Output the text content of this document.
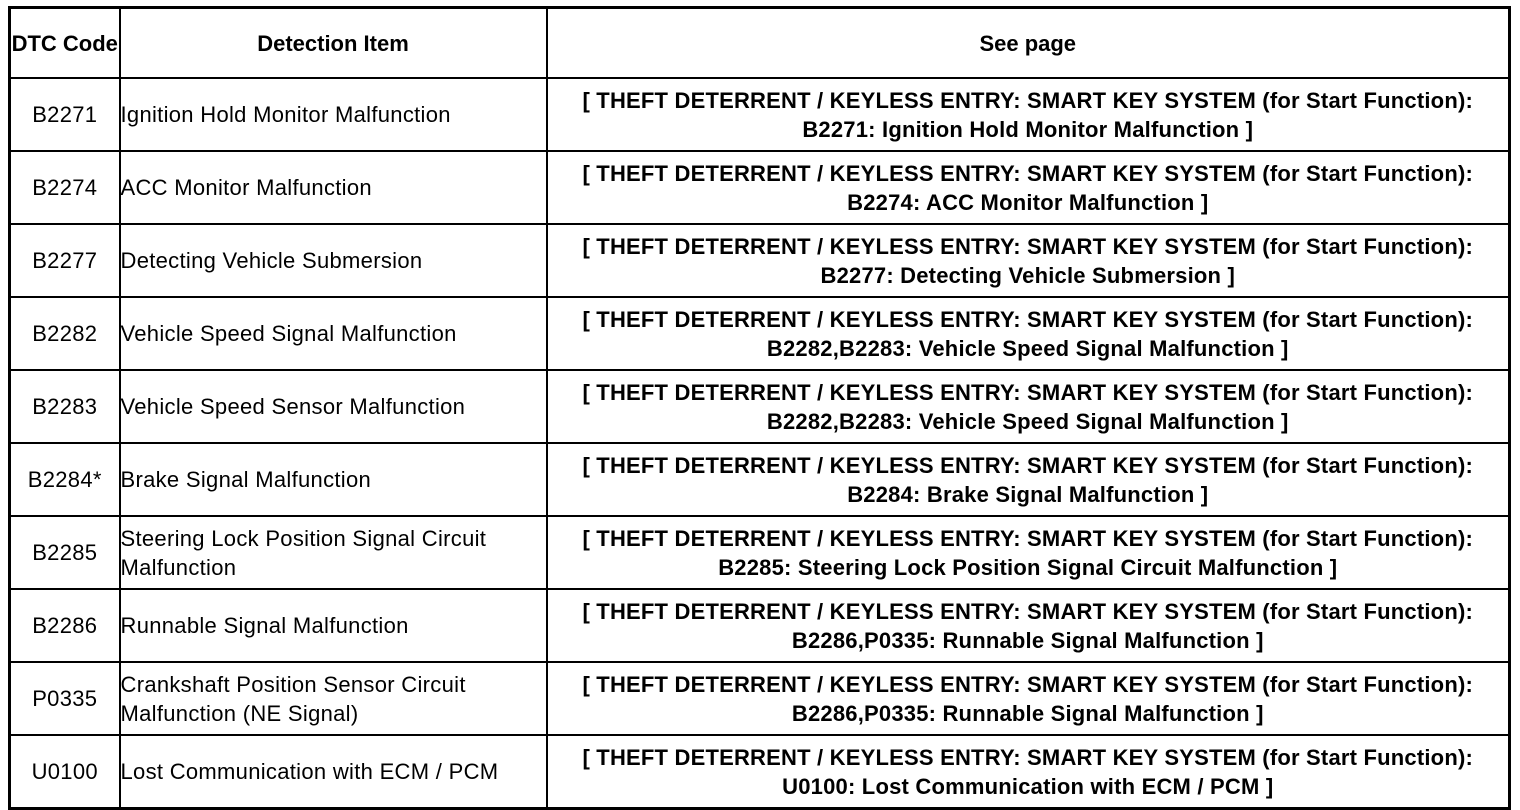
DTC Code	Detection Item	See page
B2271	Ignition Hold Monitor Malfunction	[ THEFT DETERRENT / KEYLESS ENTRY: SMART KEY SYSTEM (for Start Function): B2271: Ignition Hold Monitor Malfunction ]
B2274	ACC Monitor Malfunction	[ THEFT DETERRENT / KEYLESS ENTRY: SMART KEY SYSTEM (for Start Function): B2274: ACC Monitor Malfunction ]
B2277	Detecting Vehicle Submersion	[ THEFT DETERRENT / KEYLESS ENTRY: SMART KEY SYSTEM (for Start Function): B2277: Detecting Vehicle Submersion ]
B2282	Vehicle Speed Signal Malfunction	[ THEFT DETERRENT / KEYLESS ENTRY: SMART KEY SYSTEM (for Start Function): B2282,B2283: Vehicle Speed Signal Malfunction ]
B2283	Vehicle Speed Sensor Malfunction	[ THEFT DETERRENT / KEYLESS ENTRY: SMART KEY SYSTEM (for Start Function): B2282,B2283: Vehicle Speed Signal Malfunction ]
B2284*	Brake Signal Malfunction	[ THEFT DETERRENT / KEYLESS ENTRY: SMART KEY SYSTEM (for Start Function): B2284: Brake Signal Malfunction ]
B2285	Steering Lock Position Signal Circuit Malfunction	[ THEFT DETERRENT / KEYLESS ENTRY: SMART KEY SYSTEM (for Start Function): B2285: Steering Lock Position Signal Circuit Malfunction ]
B2286	Runnable Signal Malfunction	[ THEFT DETERRENT / KEYLESS ENTRY: SMART KEY SYSTEM (for Start Function): B2286,P0335: Runnable Signal Malfunction ]
P0335	Crankshaft Position Sensor Circuit Malfunction (NE Signal)	[ THEFT DETERRENT / KEYLESS ENTRY: SMART KEY SYSTEM (for Start Function): B2286,P0335: Runnable Signal Malfunction ]
U0100	Lost Communication with ECM / PCM	[ THEFT DETERRENT / KEYLESS ENTRY: SMART KEY SYSTEM (for Start Function): U0100: Lost Communication with ECM / PCM ]
